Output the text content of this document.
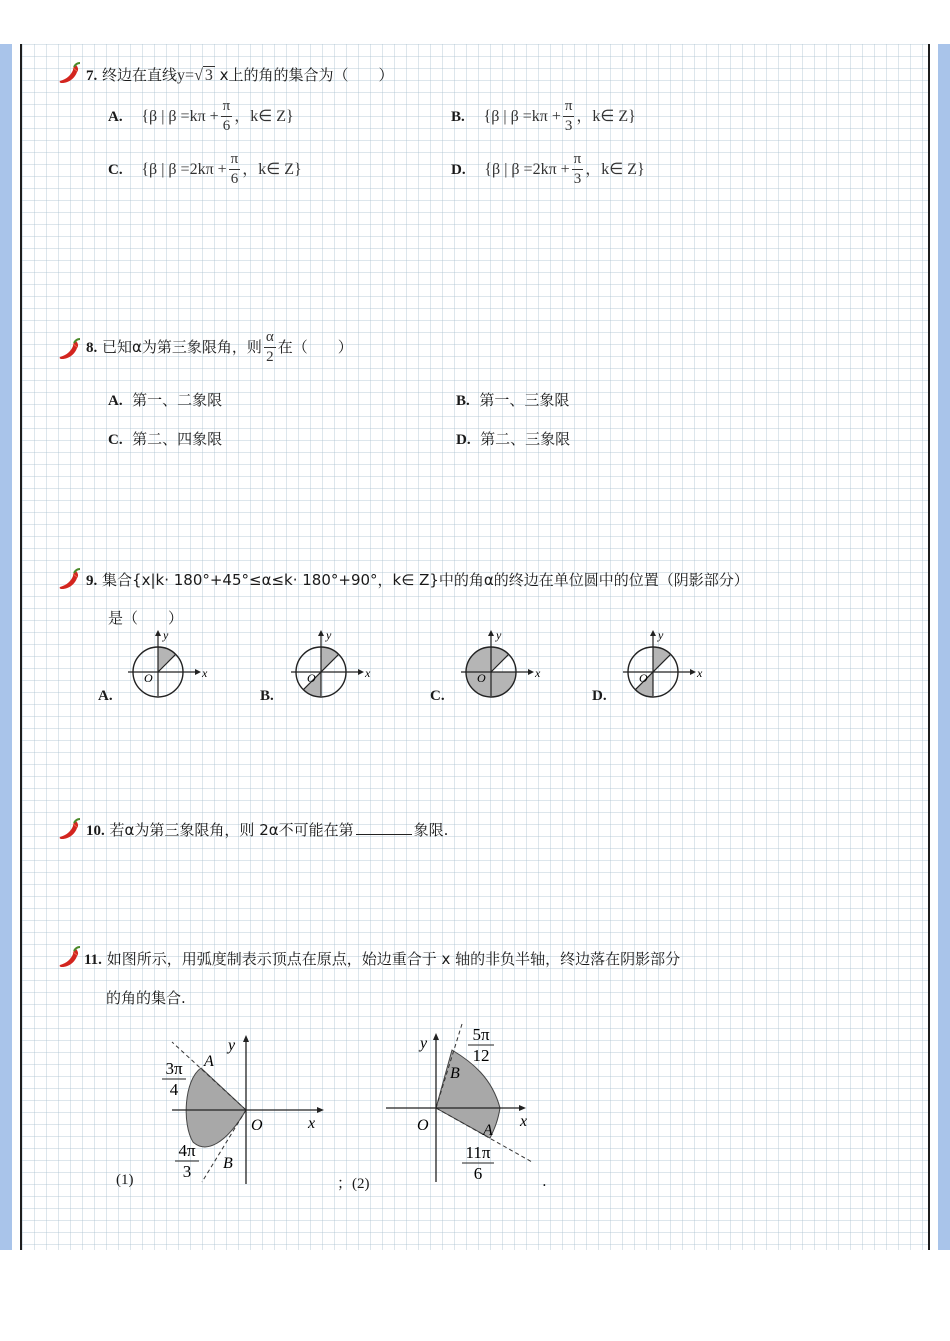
7. 终边在直线y=√ 3 x上的角的集合为（　　）
A. {β | $\beta =k\pi + \frac{\pi}{6}$ ，k∈ Z}	B. {β | $\beta =k\pi + \frac{\pi}{3}$ ，k∈ Z}
C. {β | $\beta =2k\pi + \frac{\pi}{6}$ ，k∈ Z}	D. {β | $\beta =2k\pi + \frac{\pi}{3}$ ，k∈ Z}
8. 已知α为第三象限角，则 $\frac{\alpha}{2}$ 在（　　）
A. 第一、二象限	B. 第一、三象限
C. 第二、四象限	D. 第二、三象限
9. 集合{x|k· 180°+45°≤α≤k· 180°+90°，k∈ Z}中的角α的终边在单位圆中的位置（阴影部分）
是（　　）
A.
y
x
O
B.
y
x
O
C.
y
x
O
D.
y
x
O
10. 若α为第三象限角，则 2α不可能在第	象限.
11. 如图所示，用弧度制表示顶点在原点，始边重合于 x 轴的非负半轴，终边落在阴影部分
的角的集合.
y
x
O
A
B
3π
4
4π
3
(1)	；(2)	.
y
x
O
B
A
5π
12
11π
6
